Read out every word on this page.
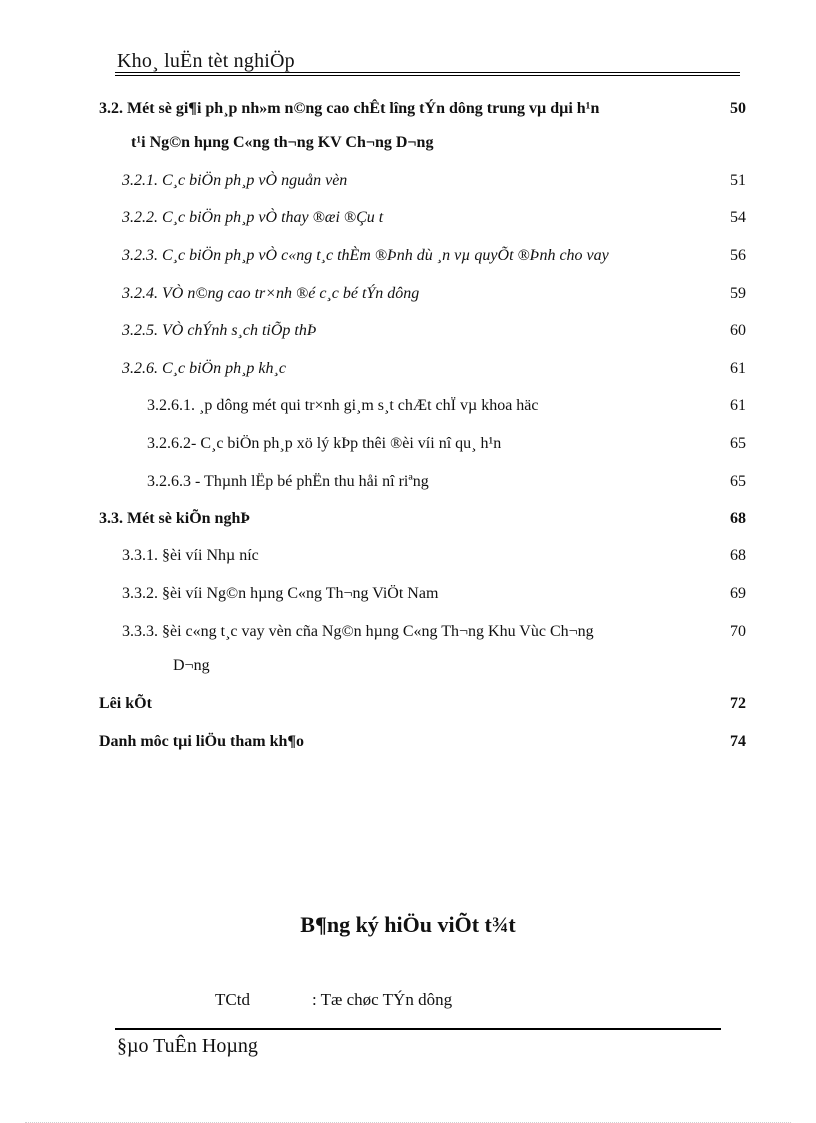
Kho¸ luËn tèt nghiÖp
3.2. Mét sè gi¶i ph¸p nh»m n©ng cao chÊt lîng tÝn dông trung vµ dµi h¹n	50
t¹i Ng©n hµng C«ng th¬ng KV Ch¬ng D¬ng
3.2.1. C¸c biÖn ph¸p vÒ nguån vèn	51
3.2.2. C¸c biÖn ph¸p vÒ thay ®æi ®Çu t	54
3.2.3. C¸c biÖn ph¸p vÒ c«ng t¸c thÈm ®Þnh dù ¸n vµ quyÕt ®Þnh cho vay	56
3.2.4. VÒ n©ng cao tr×nh ®é c¸c bé tÝn dông	59
3.2.5. VÒ chÝnh s¸ch tiÕp thÞ	60
3.2.6. C¸c biÖn ph¸p kh¸c	61
3.2.6.1. ¸p dông mét qui tr×nh gi¸m s¸t chÆt chÏ vµ khoa häc	61
3.2.6.2- C¸c biÖn ph¸p xö lý kÞp thêi ®èi víi nî qu¸ h¹n	65
3.2.6.3 - Thµnh lËp bé phËn thu håi nî riªng	65
3.3. Mét sè kiÕn nghÞ	68
3.3.1. §èi víi Nhµ níc	68
3.3.2. §èi víi Ng©n hµng C«ng Th¬ng ViÖt Nam	69
3.3.3. §èi c«ng t¸c vay vèn cña Ng©n hµng C«ng Th¬ng Khu Vùc Ch¬ng	70
D¬ng
Lêi kÕt	72
Danh môc tµi liÖu tham kh¶o	74
B¶ng ký hiÖu viÕt t¾t
TCtd	: Tæ chøc TÝn dông
§µo TuÊn Hoµng
